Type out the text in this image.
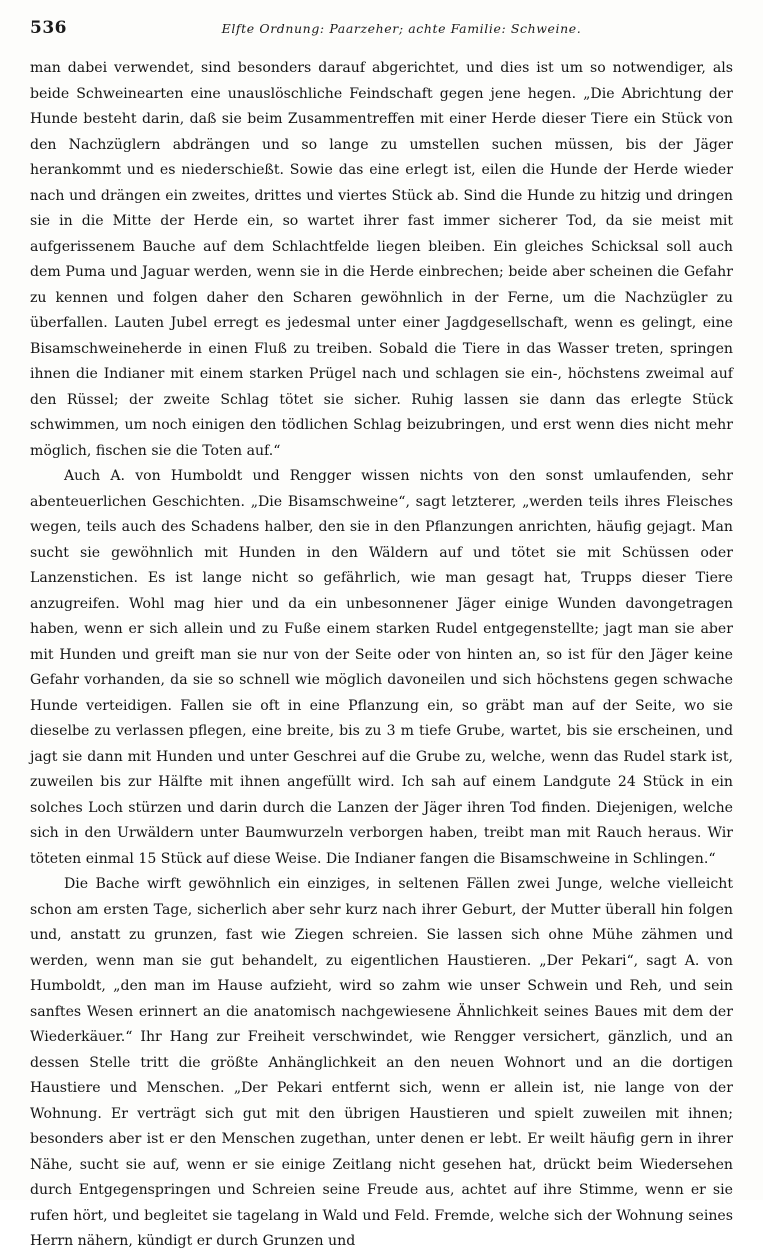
536	Elfte Ordnung: Paarzeher; achte Familie: Schweine.

man dabei verwendet, sind besonders darauf abgerichtet, und dies ist um so notwendiger, als beide Schweinearten eine unauslöschliche Feindschaft gegen jene hegen. „Die Abrichtung der Hunde besteht darin, daß sie beim Zusammentreffen mit einer Herde dieser Tiere ein Stück von den Nachzüglern abdrängen und so lange zu umstellen suchen müssen, bis der Jäger herankommt und es niederschießt. Sowie das eine erlegt ist, eilen die Hunde der Herde wieder nach und drängen ein zweites, drittes und viertes Stück ab. Sind die Hunde zu hitzig und dringen sie in die Mitte der Herde ein, so wartet ihrer fast immer sicherer Tod, da sie meist mit aufgerissenem Bauche auf dem Schlachtfelde liegen bleiben. Ein gleiches Schicksal soll auch dem Puma und Jaguar werden, wenn sie in die Herde einbrechen; beide aber scheinen die Gefahr zu kennen und folgen daher den Scharen gewöhnlich in der Ferne, um die Nachzügler zu überfallen. Lauten Jubel erregt es jedesmal unter einer Jagdgesellschaft, wenn es gelingt, eine Bisamschweineherde in einen Fluß zu treiben. Sobald die Tiere in das Wasser treten, springen ihnen die Indianer mit einem starken Prügel nach und schlagen sie ein-, höchstens zweimal auf den Rüssel; der zweite Schlag tötet sie sicher. Ruhig lassen sie dann das erlegte Stück schwimmen, um noch einigen den tödlichen Schlag beizubringen, und erst wenn dies nicht mehr möglich, fischen sie die Toten auf.“

Auch A. von Humboldt und Rengger wissen nichts von den sonst umlaufenden, sehr abenteuerlichen Geschichten. „Die Bisamschweine“, sagt letzterer, „werden teils ihres Fleisches wegen, teils auch des Schadens halber, den sie in den Pflanzungen anrichten, häufig gejagt. Man sucht sie gewöhnlich mit Hunden in den Wäldern auf und tötet sie mit Schüssen oder Lanzenstichen. Es ist lange nicht so gefährlich, wie man gesagt hat, Trupps dieser Tiere anzugreifen. Wohl mag hier und da ein unbesonnener Jäger einige Wunden davongetragen haben, wenn er sich allein und zu Fuße einem starken Rudel entgegenstellte; jagt man sie aber mit Hunden und greift man sie nur von der Seite oder von hinten an, so ist für den Jäger keine Gefahr vorhanden, da sie so schnell wie möglich davoneilen und sich höchstens gegen schwache Hunde verteidigen. Fallen sie oft in eine Pflanzung ein, so gräbt man auf der Seite, wo sie dieselbe zu verlassen pflegen, eine breite, bis zu 3 m tiefe Grube, wartet, bis sie erscheinen, und jagt sie dann mit Hunden und unter Geschrei auf die Grube zu, welche, wenn das Rudel stark ist, zuweilen bis zur Hälfte mit ihnen angefüllt wird. Ich sah auf einem Landgute 24 Stück in ein solches Loch stürzen und darin durch die Lanzen der Jäger ihren Tod finden. Diejenigen, welche sich in den Urwäldern unter Baumwurzeln verborgen haben, treibt man mit Rauch heraus. Wir töteten einmal 15 Stück auf diese Weise. Die Indianer fangen die Bisamschweine in Schlingen.“

Die Bache wirft gewöhnlich ein einziges, in seltenen Fällen zwei Junge, welche vielleicht schon am ersten Tage, sicherlich aber sehr kurz nach ihrer Geburt, der Mutter überall hin folgen und, anstatt zu grunzen, fast wie Ziegen schreien. Sie lassen sich ohne Mühe zähmen und werden, wenn man sie gut behandelt, zu eigentlichen Haustieren. „Der Pekari“, sagt A. von Humboldt, „den man im Hause aufzieht, wird so zahm wie unser Schwein und Reh, und sein sanftes Wesen erinnert an die anatomisch nachgewiesene Ähnlichkeit seines Baues mit dem der Wiederkäuer.“ Ihr Hang zur Freiheit verschwindet, wie Rengger versichert, gänzlich, und an dessen Stelle tritt die größte Anhänglichkeit an den neuen Wohnort und an die dortigen Haustiere und Menschen. „Der Pekari entfernt sich, wenn er allein ist, nie lange von der Wohnung. Er verträgt sich gut mit den übrigen Haustieren und spielt zuweilen mit ihnen; besonders aber ist er den Menschen zugethan, unter denen er lebt. Er weilt häufig gern in ihrer Nähe, sucht sie auf, wenn er sie einige Zeitlang nicht gesehen hat, drückt beim Wiedersehen durch Entgegenspringen und Schreien seine Freude aus, achtet auf ihre Stimme, wenn er sie rufen hört, und begleitet sie tagelang in Wald und Feld. Fremde, welche sich der Wohnung seines Herrn nähern, kündigt er durch Grunzen und
